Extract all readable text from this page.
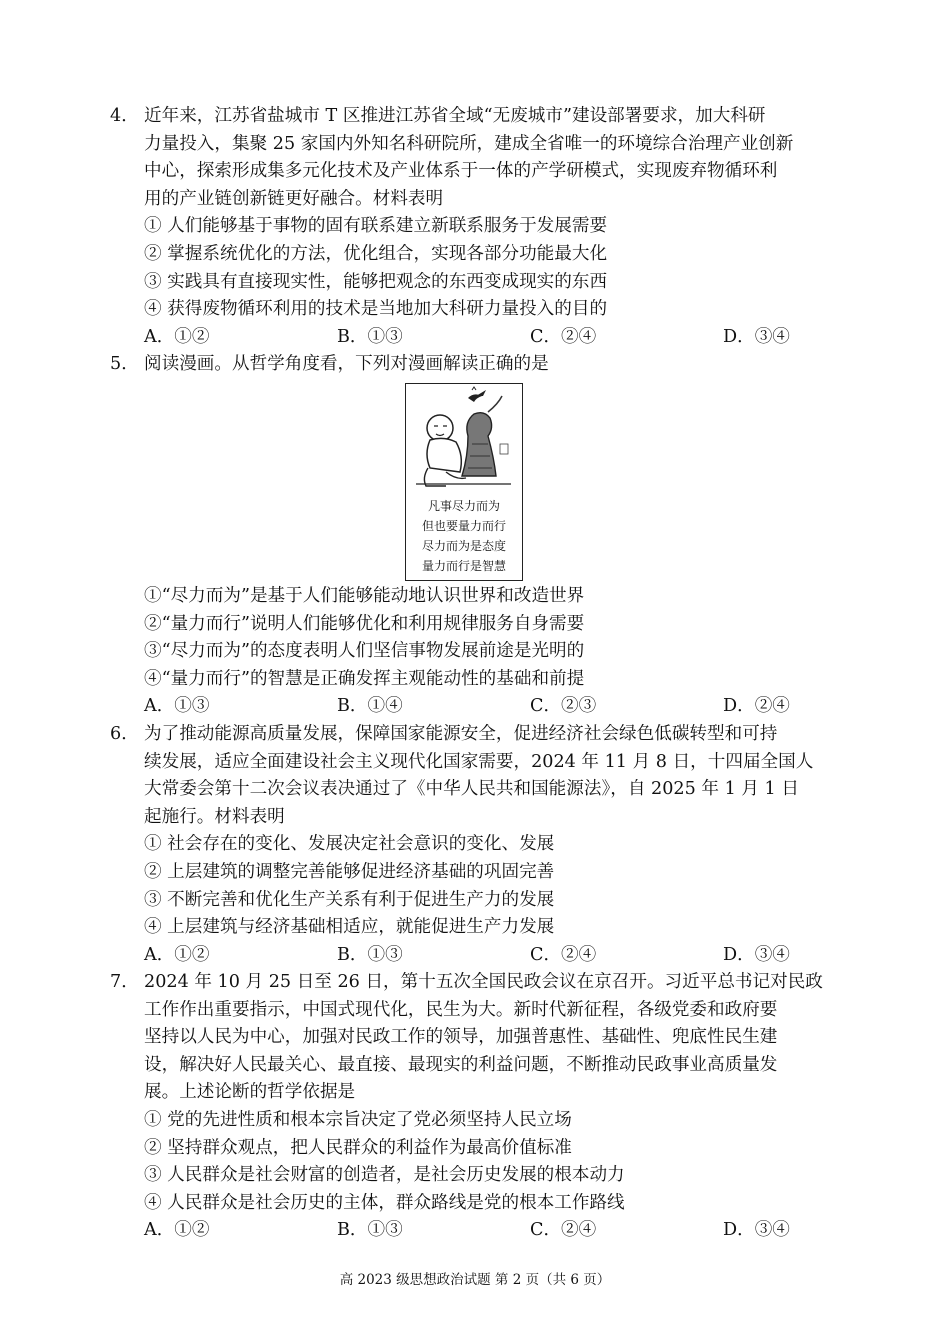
4． 近年来，江苏省盐城市 T 区推进江苏省全域“无废城市”建设部署要求，加大科研
力量投入，集聚 25 家国内外知名科研院所，建成全省唯一的环境综合治理产业创新
中心，探索形成集多元化技术及产业体系于一体的产学研模式，实现废弃物循环利
用的产业链创新链更好融合。材料表明
① 人们能够基于事物的固有联系建立新联系服务于发展需要
② 掌握系统优化的方法，优化组合，实现各部分功能最大化
③ 实践具有直接现实性，能够把观念的东西变成现实的东西
④ 获得废物循环利用的技术是当地加大科研力量投入的目的
A．①②	B．①③	C．②④	D．③④
5． 阅读漫画。从哲学角度看，下列对漫画解读正确的是
凡事尽力而为
但也要量力而行
尽力而为是态度
量力而行是智慧
①“尽力而为”是基于人们能够能动地认识世界和改造世界
②“量力而行”说明人们能够优化和利用规律服务自身需要
③“尽力而为”的态度表明人们坚信事物发展前途是光明的
④“量力而行”的智慧是正确发挥主观能动性的基础和前提
A．①③	B．①④	C．②③	D．②④
6． 为了推动能源高质量发展，保障国家能源安全，促进经济社会绿色低碳转型和可持
续发展，适应全面建设社会主义现代化国家需要，2024 年 11 月 8 日，十四届全国人
大常委会第十二次会议表决通过了《中华人民共和国能源法》，自 2025 年 1 月 1 日
起施行。材料表明
① 社会存在的变化、发展决定社会意识的变化、发展
② 上层建筑的调整完善能够促进经济基础的巩固完善
③ 不断完善和优化生产关系有利于促进生产力的发展
④ 上层建筑与经济基础相适应，就能促进生产力发展
A．①②	B．①③	C．②④	D．③④
7． 2024 年 10 月 25 日至 26 日，第十五次全国民政会议在京召开。习近平总书记对民政
工作作出重要指示，中国式现代化，民生为大。新时代新征程，各级党委和政府要
坚持以人民为中心，加强对民政工作的领导，加强普惠性、基础性、兜底性民生建
设，解决好人民最关心、最直接、最现实的利益问题，不断推动民政事业高质量发
展。上述论断的哲学依据是
① 党的先进性质和根本宗旨决定了党必须坚持人民立场
② 坚持群众观点，把人民群众的利益作为最高价值标准
③ 人民群众是社会财富的创造者，是社会历史发展的根本动力
④ 人民群众是社会历史的主体，群众路线是党的根本工作路线
A．①②	B．①③	C．②④	D．③④
高 2023 级思想政治试题 第 2 页（共 6 页）
